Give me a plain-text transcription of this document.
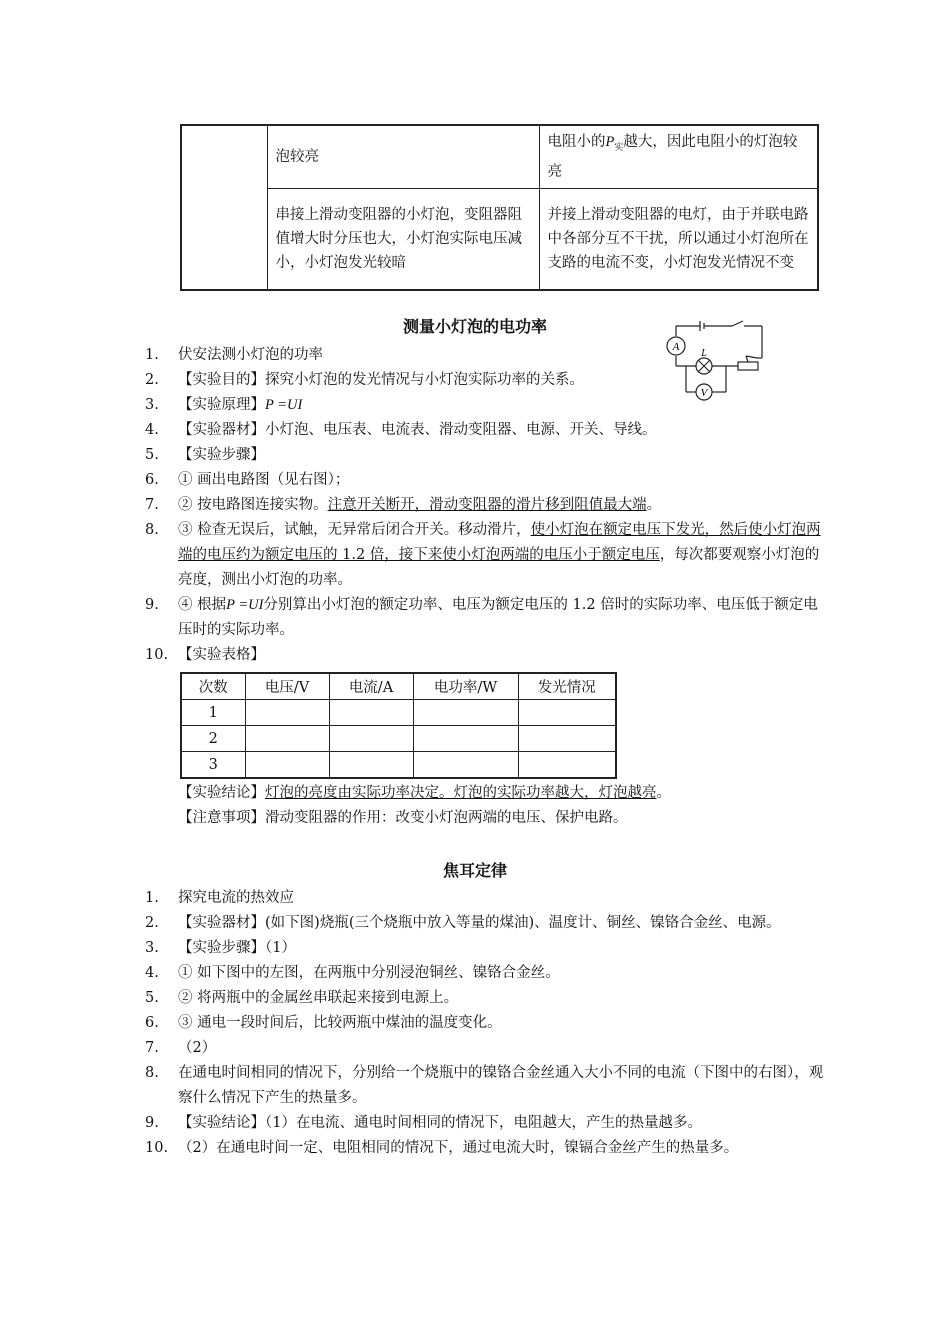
	泡较亮	电阻小的$P_实$越大，因此电阻小的灯泡较亮
	串接上滑动变阻器的小灯泡，变阻器阻值增大时分压也大，小灯泡实际电压减小，小灯泡发光较暗	并接上滑动变阻器的电灯，由于并联电路中各部分互不干扰，所以通过小灯泡所在支路的电流不变，小灯泡发光情况不变
测量小灯泡的电功率
A
L
V
1.	伏安法测小灯泡的功率
2.	【实验目的】探究小灯泡的发光情况与小灯泡实际功率的关系。
3.	【实验原理】P =UI
4.	【实验器材】小灯泡、电压表、电流表、滑动变阻器、电源、开关、导线。
5.	【实验步骤】
6.	① 画出电路图（见右图）；
7.	② 按电路图连接实物。注意开关断开，滑动变阻器的滑片移到阻值最大端。
8.	③ 检查无误后，试触，无异常后闭合开关。移动滑片，使小灯泡在额定电压下发光，然后使小灯泡两端的电压约为额定电压的 1.2 倍，接下来使小灯泡两端的电压小于额定电压，每次都要观察小灯泡的亮度，测出小灯泡的功率。
9.	④ 根据P =UI分别算出小灯泡的额定功率、电压为额定电压的 1.2 倍时的实际功率、电压低于额定电压时的实际功率。
10. 【实验表格】
次数	电压/V	电流/A	电功率/W	发光情况
1				
2				
3				
【实验结论】灯泡的亮度由实际功率决定。灯泡的实际功率越大，灯泡越亮。
【注意事项】滑动变阻器的作用：改变小灯泡两端的电压、保护电路。
焦耳定律
1.	探究电流的热效应
2.	【实验器材】(如下图)烧瓶(三个烧瓶中放入等量的煤油)、温度计、铜丝、镍铬合金丝、电源。
3.	【实验步骤】（1）
4.	① 如下图中的左图，在两瓶中分别浸泡铜丝、镍铬合金丝。
5.	② 将两瓶中的金属丝串联起来接到电源上。
6.	③ 通电一段时间后，比较两瓶中煤油的温度变化。
7.	（2）
8.	在通电时间相同的情况下，分别给一个烧瓶中的镍铬合金丝通入大小不同的电流（下图中的右图），观察什么情况下产生的热量多。
9.	【实验结论】（1）在电流、通电时间相同的情况下，电阻越大，产生的热量越多。
10. （2）在通电时间一定、电阻相同的情况下，通过电流大时，镍镉合金丝产生的热量多。
